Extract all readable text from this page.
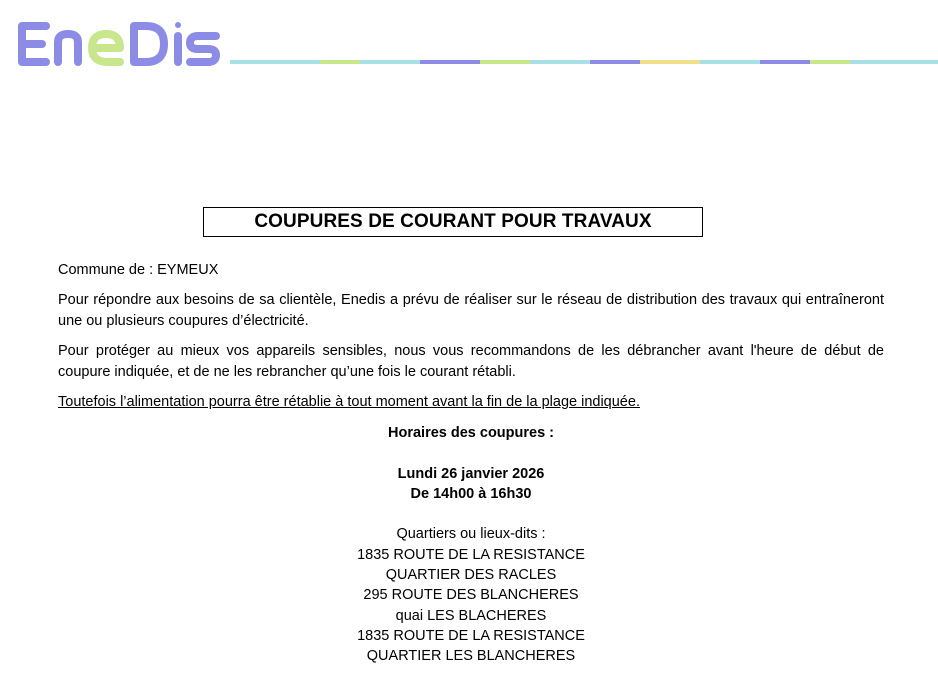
COUPURES DE COURANT POUR TRAVAUX
Commune de : EYMEUX
Pour répondre aux besoins de sa clientèle, Enedis a prévu de réaliser sur le réseau de distribution des travaux qui entraîneront une ou plusieurs coupures d’électricité.
Pour protéger au mieux vos appareils sensibles, nous vous recommandons de les débrancher avant l'heure de début de coupure indiquée, et de ne les rebrancher qu’une fois le courant rétabli.
Toutefois l’alimentation pourra être rétablie à tout moment avant la fin de la plage indiquée.
Horaires des coupures :
Lundi 26 janvier 2026
De 14h00 à 16h30
Quartiers ou lieux-dits :
1835 ROUTE DE LA RESISTANCE
QUARTIER DES RACLES
295 ROUTE DES BLANCHERES
quai LES BLACHERES
1835 ROUTE DE LA RESISTANCE
QUARTIER LES BLANCHERES
